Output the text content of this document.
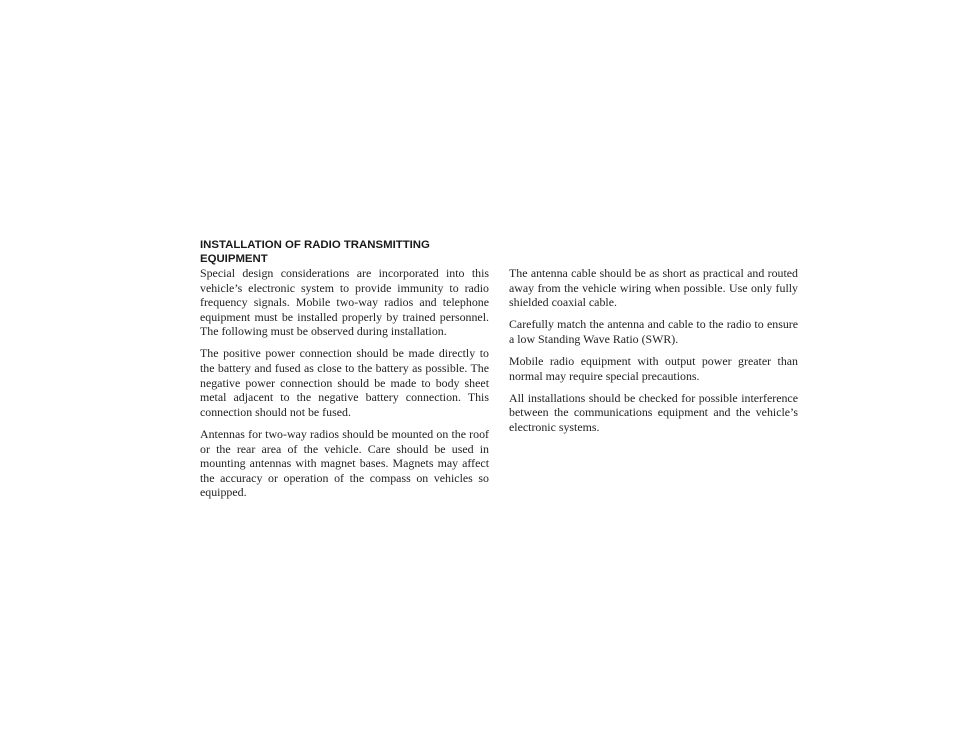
INSTALLATION OF RADIO TRANSMITTING EQUIPMENT

Special design considerations are incorporated into this vehicle’s electronic system to provide immunity to radio frequency signals. Mobile two-way radios and telephone equipment must be installed properly by trained personnel. The following must be observed during installation.

The positive power connection should be made directly to the battery and fused as close to the battery as possible. The negative power connection should be made to body sheet metal adjacent to the negative battery connection. This connection should not be fused.

Antennas for two-way radios should be mounted on the roof or the rear area of the vehicle. Care should be used in mounting antennas with magnet bases. Magnets may affect the accuracy or operation of the compass on vehicles so equipped.

The antenna cable should be as short as practical and routed away from the vehicle wiring when possible. Use only fully shielded coaxial cable.

Carefully match the antenna and cable to the radio to ensure a low Standing Wave Ratio (SWR).

Mobile radio equipment with output power greater than normal may require special precautions.

All installations should be checked for possible interference between the communications equipment and the vehicle’s electronic systems.
